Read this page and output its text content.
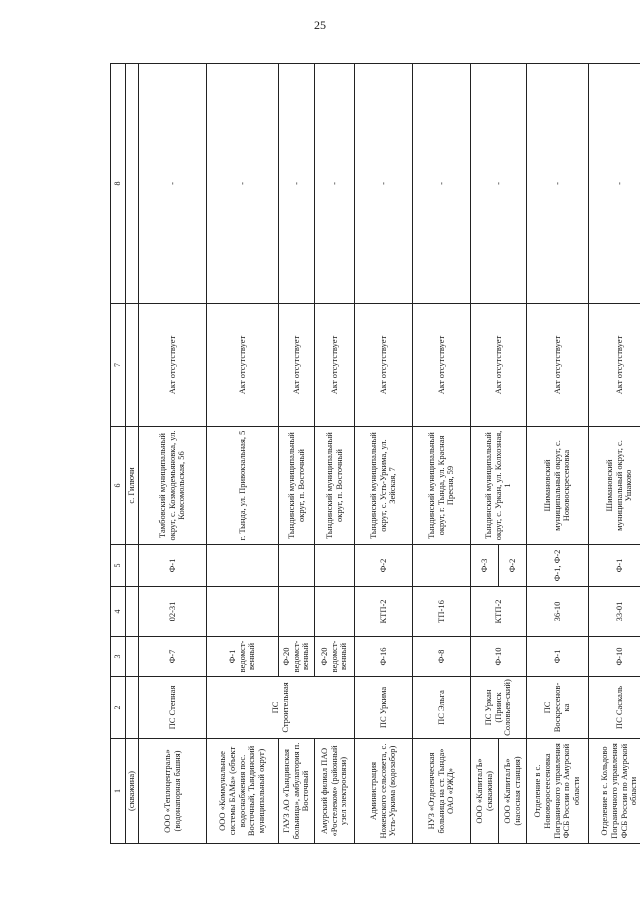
25
1	2	3	4	5	6	7	8
(скважина)					с. Гилючи		
ООО «Теплоцентраль» (водонапорная башня)	ПС Степная	Ф-7	02-31	Ф-1	Тамбовский муниципальный округ, с. Козмодемьяновка, ул. Комсомольская, 56	Акт отсутствует	-
ООО «Коммунальные системы БАМа» (объект водоснабжения пос. Восточный, Тындинский муниципальный округ)	ПС Строительная	Ф-1 ведомст-венный			г. Тында, ул. Привокзальная, 5	Акт отсутствует	-
ГАУЗ АО «Тындинская больница», амбулатория п. Восточный		Ф-20 ведомст-венный			Тындинский муниципальный округ, п. Восточный	Акт отсутствует	-
Амурский филиал ПАО «Ростелеком» (районный узел электросвязи)		Ф-20 ведомст-венный			Тындинский муниципальный округ, п. Восточный	Акт отсутствует	-
Администрация Ноженского сельсовета, с. Усть-Уркима (водозабор)	ПС Уркима	Ф-16	КТП-2	Ф-2	Тындинский муниципальный округ, с. Усть-Уркима, ул. Зейская, 7	Акт отсутствует	-
НУЗ «Отделенческая больница на ст. Тында» ОАО «РЖД»	ПС Эльга	Ф-8	ТП-16		Тындинский муниципальный округ, г. Тында, ул. Красная Пресня, 59	Акт отсутствует	-
ООО «КапиталЪ» (скважина)	ПС Уркан (Прииск Соловьев-ский)	Ф-10	КТП-2	Ф-3	Тындинский муниципальный округ, с. Уркан, ул. Колхозная, 1	Акт отсутствует	-
ООО «КапиталЪ» (насосная станция)				Ф-2			
Отделение в с. Нововоросеесеновка Пограничного управления ФСБ России по Амурской области	ПС Воскресенов-ка	Ф-1	36-10	Ф-1, Ф-2	Шимановский муниципальный округ, с. Нововоскресеновка	Акт отсутствует	-
Отделение в с. Кольдово Пограничного управления ФСБ России по Амурской области	ПС Саскаль	Ф-10	33-01	Ф-1	Шимановский муниципальный округ, с. Ушаково	Акт отсутствует	-
